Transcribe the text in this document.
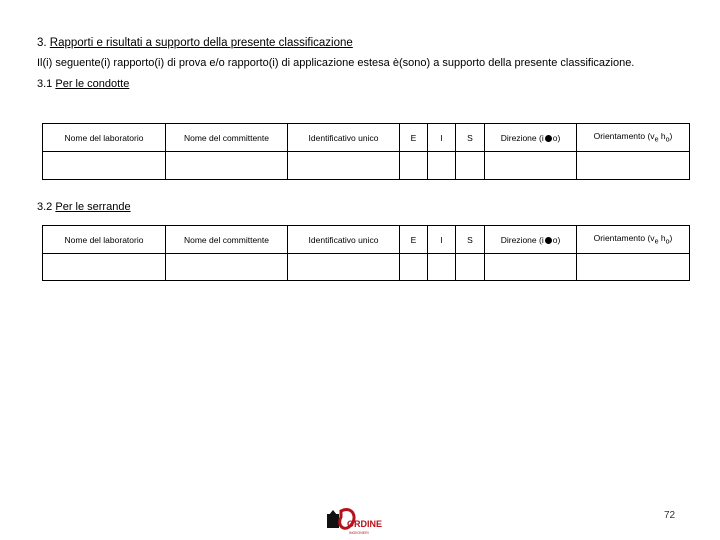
3. Rapporti e risultati a supporto della presente classificazione
Il(i) seguente(i) rapporto(i) di prova e/o rapporto(i) di applicazione estesa è(sono) a supporto della presente classificazione.
3.1 Per le condotte
Nome del laboratorio	Nome del committente	Identificativo unico	E	I	S	Direzione (i o)	Orientamento ($v_e$ $h_o$)

3.2 Per le serrande
Nome del laboratorio	Nome del committente	Identificativo unico	E	I	S	Direzione (i o)	Orientamento ($v_e$ $h_o$)

ORDINE
INGEGNERI
72
